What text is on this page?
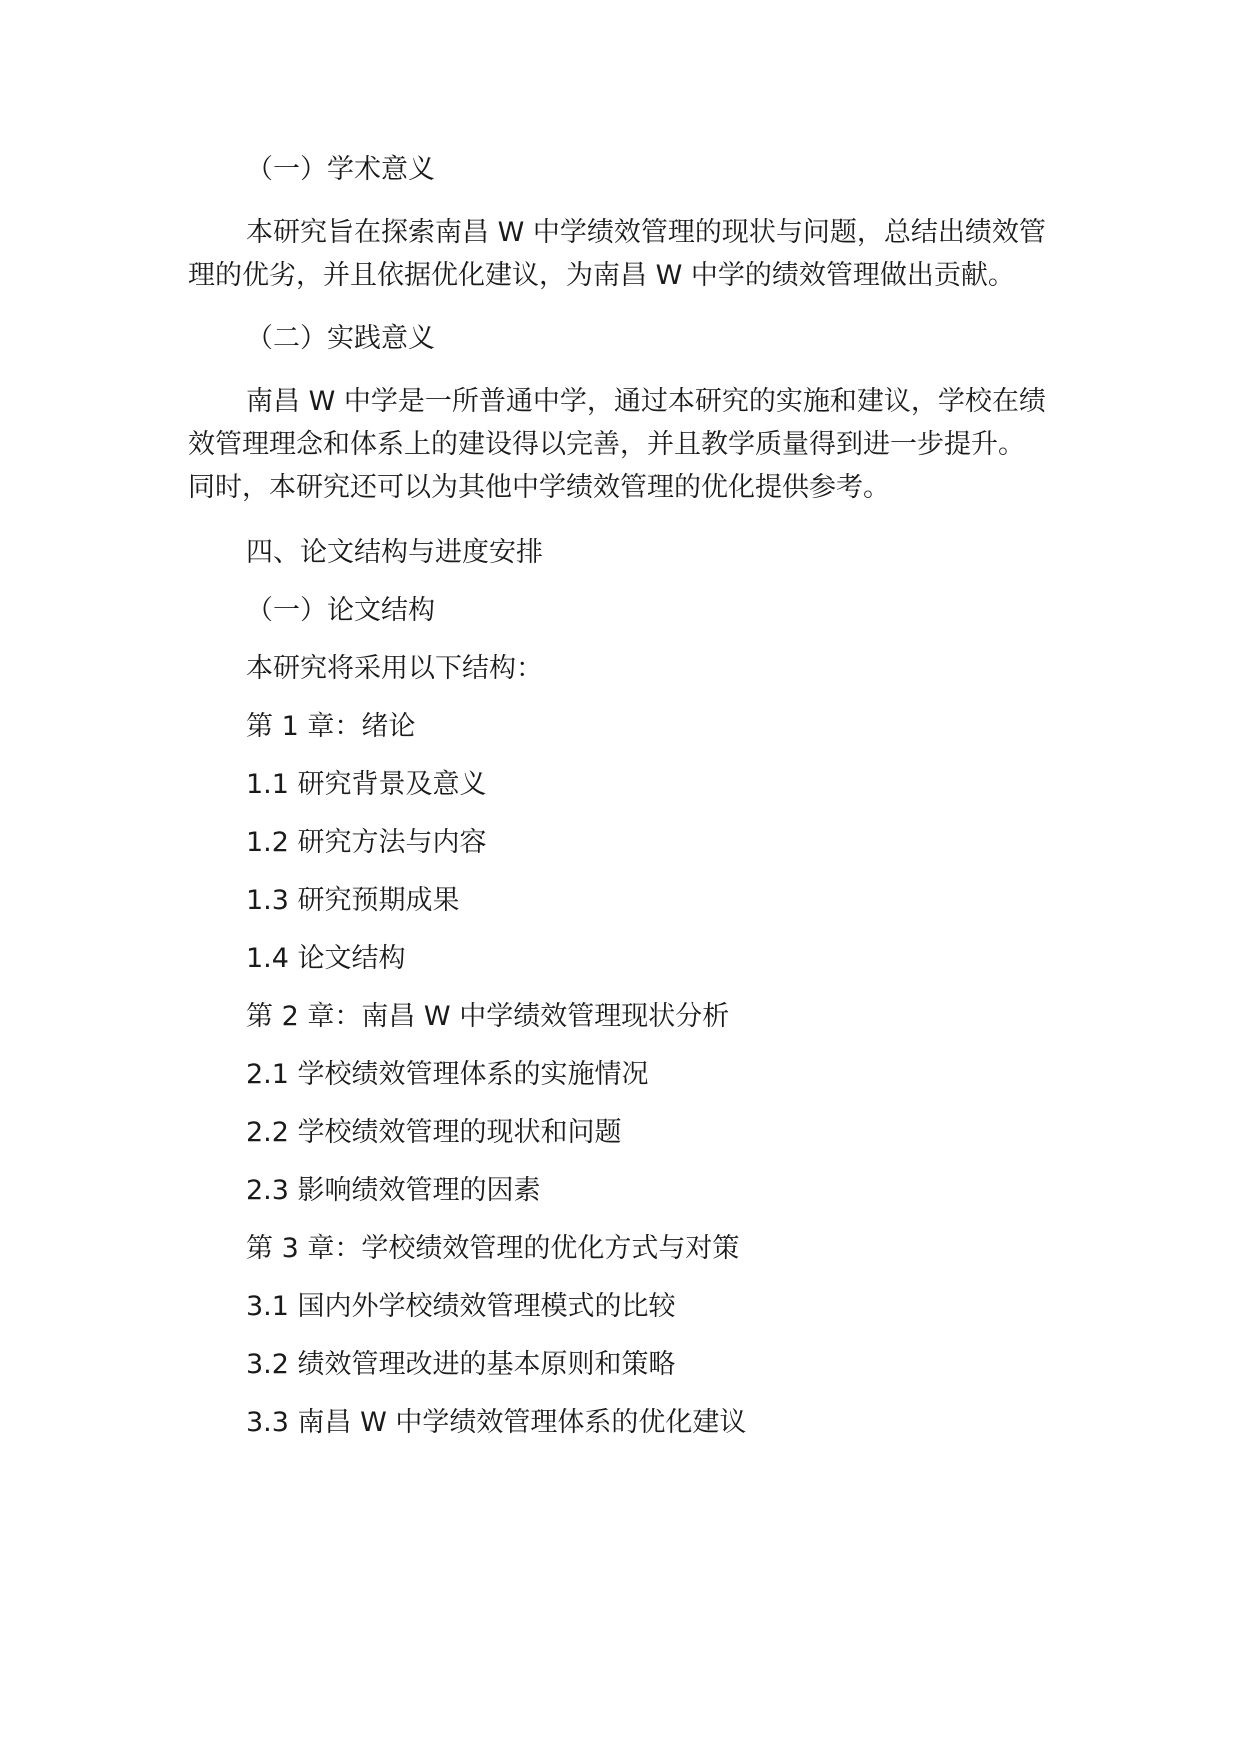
（一）学术意义
本研究旨在探索南昌 W 中学绩效管理的现状与问题，总结出绩效管
理的优劣，并且依据优化建议，为南昌 W 中学的绩效管理做出贡献。
（二）实践意义
南昌 W 中学是一所普通中学，通过本研究的实施和建议，学校在绩
效管理理念和体系上的建设得以完善，并且教学质量得到进一步提升。
同时，本研究还可以为其他中学绩效管理的优化提供参考。
四、论文结构与进度安排
（一）论文结构
本研究将采用以下结构：
第 1 章：绪论
1.1 研究背景及意义
1.2 研究方法与内容
1.3 研究预期成果
1.4 论文结构
第 2 章：南昌 W 中学绩效管理现状分析
2.1 学校绩效管理体系的实施情况
2.2 学校绩效管理的现状和问题
2.3 影响绩效管理的因素
第 3 章：学校绩效管理的优化方式与对策
3.1 国内外学校绩效管理模式的比较
3.2 绩效管理改进的基本原则和策略
3.3 南昌 W 中学绩效管理体系的优化建议
